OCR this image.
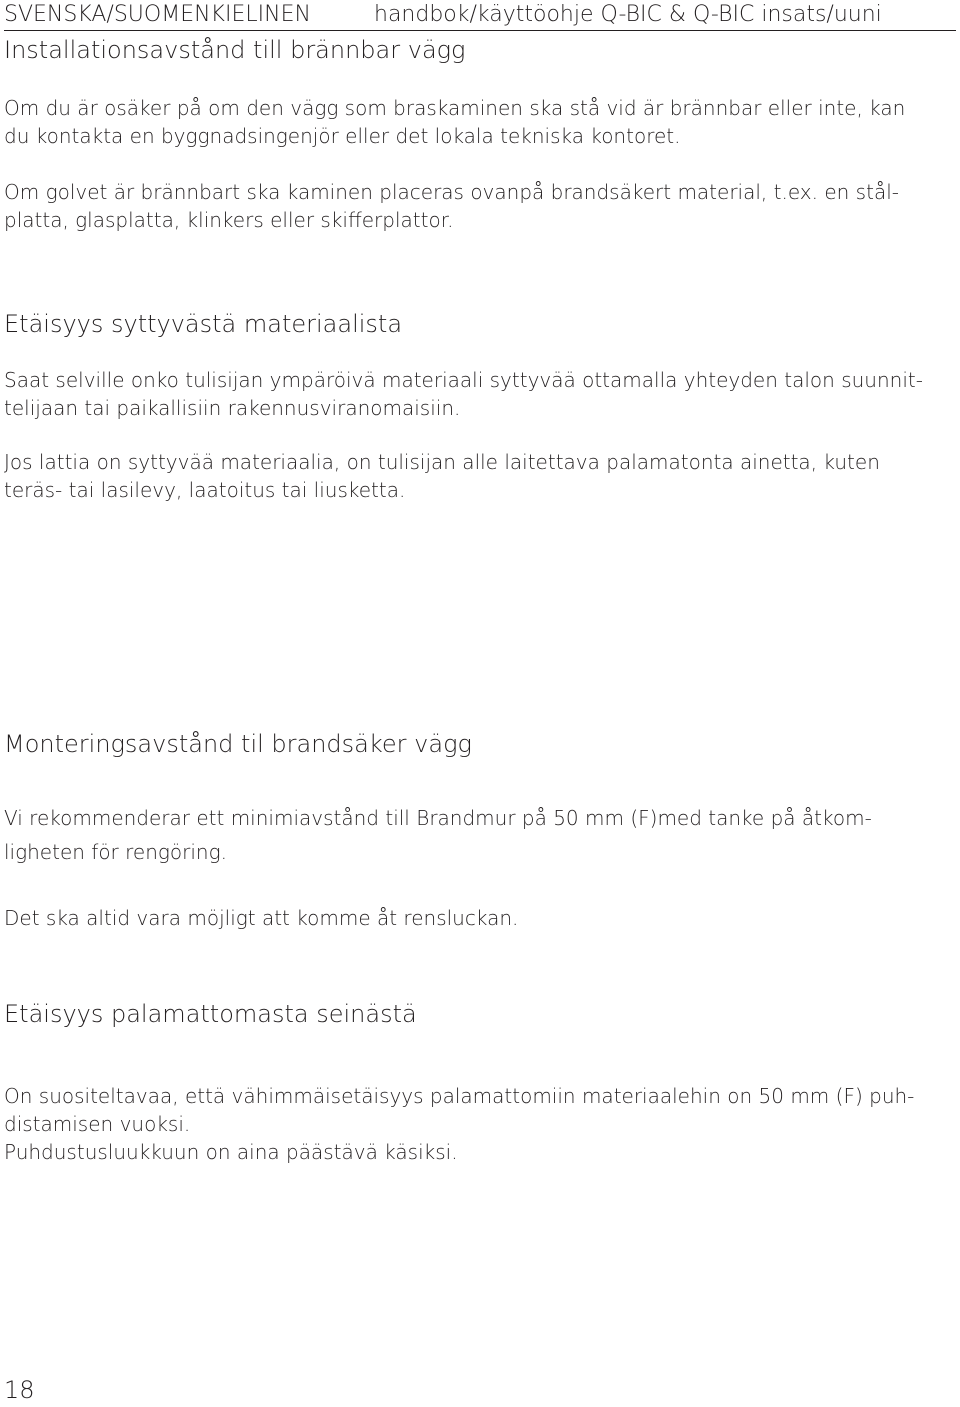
SVENSKA/SUOMENKIELINEN	handbok/käyttöohje Q-BIC & Q-BIC insats/uuni
Installationsavstånd till brännbar vägg
Om du är osäker på om den vägg som braskaminen ska stå vid är brännbar eller inte, kan
du kontakta en byggnadsingenjör eller det lokala tekniska kontoret.
Om golvet är brännbart ska kaminen placeras ovanpå brandsäkert material, t.ex. en stål-
platta, glasplatta, klinkers eller skifferplattor.
Etäisyys syttyvästä materiaalista
Saat selville onko tulisijan ympäröivä materiaali syttyvää ottamalla yhteyden talon suunnit-
telijaan tai paikallisiin rakennusviranomaisiin.
Jos lattia on syttyvää materiaalia, on tulisijan alle laitettava palamatonta ainetta, kuten
teräs- tai lasilevy, laatoitus tai liusketta.
Monteringsavstånd til brandsäker vägg
Vi rekommenderar ett minimiavstånd till Brandmur på 50 mm (F)med tanke på åtkom-
ligheten för rengöring.
Det ska altid vara möjligt att komme åt rensluckan.
Etäisyys palamattomasta seinästä
On suositeltavaa, että vähimmäisetäisyys palamattomiin materiaalehin on 50 mm (F) puh-
distamisen vuoksi.
Puhdustusluukkuun on aina päästävä käsiksi.
18
